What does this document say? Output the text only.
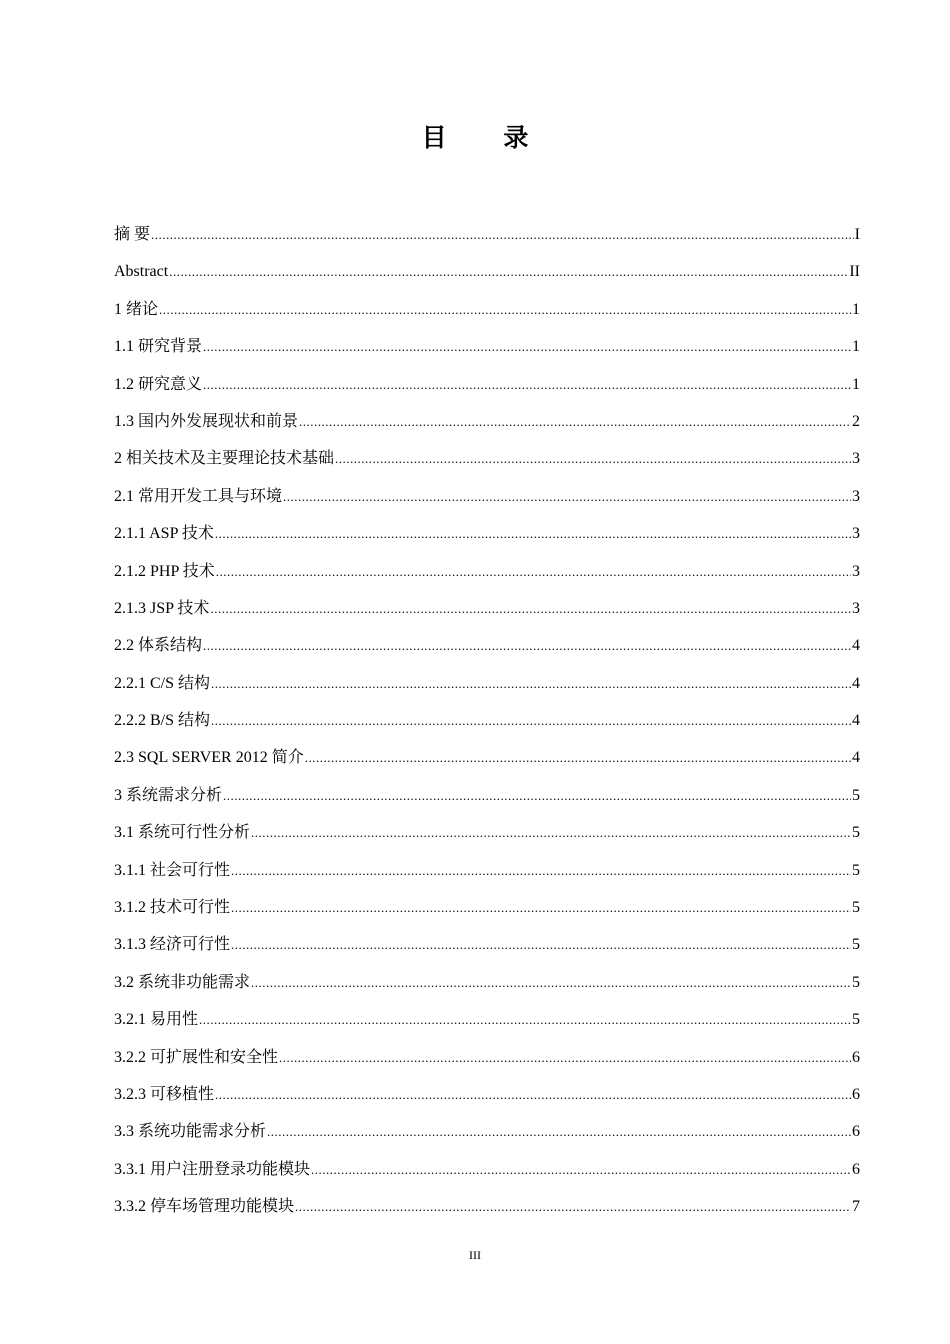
目 录
摘 要 .....	I
Abstract .....	II
1 绪论 .....	1
1.1 研究背景 .....	1
1.2 研究意义 .....	1
1.3 国内外发展现状和前景 .....	2
2 相关技术及主要理论技术基础 .....	3
2.1 常用开发工具与环境 .....	3
2.1.1 ASP 技术 .....	3
2.1.2 PHP 技术 .....	3
2.1.3 JSP 技术 .....	3
2.2 体系结构 .....	4
2.2.1 C/S 结构 .....	4
2.2.2 B/S 结构 .....	4
2.3 SQL SERVER 2012 简介 .....	4
3 系统需求分析 .....	5
3.1 系统可行性分析 .....	5
3.1.1 社会可行性 .....	5
3.1.2 技术可行性 .....	5
3.1.3 经济可行性 .....	5
3.2 系统非功能需求 .....	5
3.2.1 易用性 .....	5
3.2.2 可扩展性和安全性 .....	6
3.2.3 可移植性 .....	6
3.3 系统功能需求分析 .....	6
3.3.1 用户注册登录功能模块 .....	6
3.3.2 停车场管理功能模块 .....	7
III
